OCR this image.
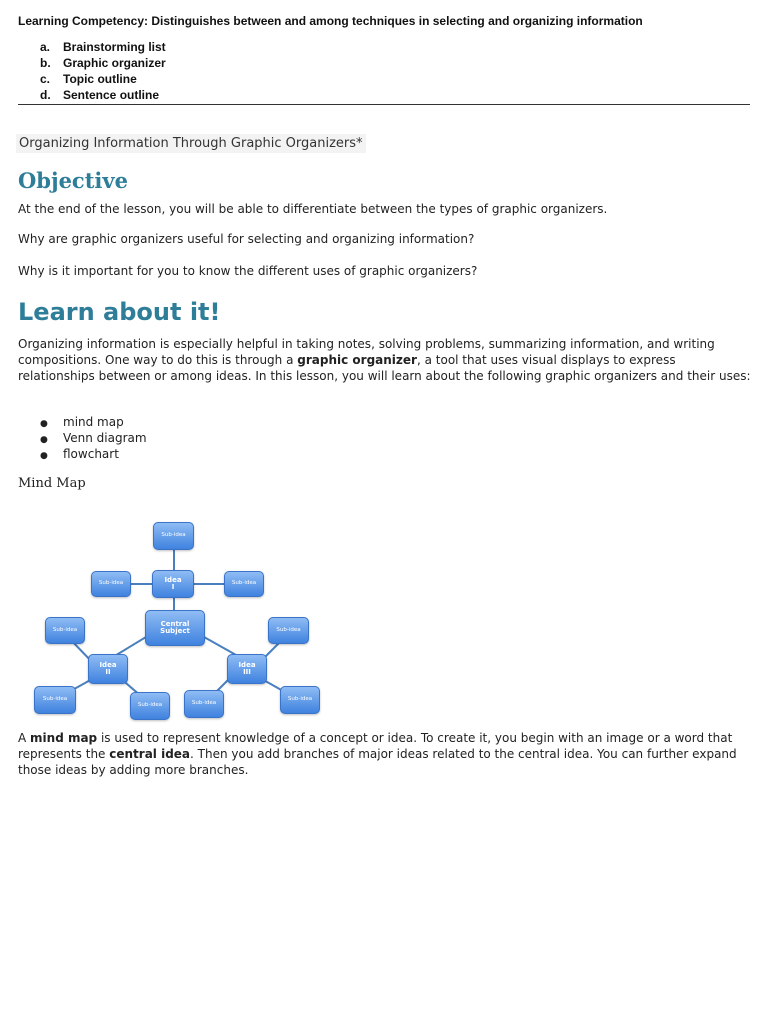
Learning Competency: Distinguishes between and among techniques in selecting and organizing information
a. Brainstorming list
b. Graphic organizer
c. Topic outline
d. Sentence outline
Organizing Information Through Graphic Organizers*
Objective
At the end of the lesson, you will be able to differentiate between the types of graphic organizers.
Why are graphic organizers useful for selecting and organizing information?
Why is it important for you to know the different uses of graphic organizers?
Learn about it!
Organizing information is especially helpful in taking notes, solving problems, summarizing information, and writing compositions. One way to do this is through a graphic organizer, a tool that uses visual displays to express relationships between or among ideas. In this lesson, you will learn about the following graphic organizers and their uses:
● mind map
● Venn diagram
● flowchart
Mind Map
Sub-idea
Sub-idea	Idea
I	Sub-idea
Central
Subject
Sub-idea	Sub-idea
Idea
II
Idea
III
Sub-idea
Sub-idea	Sub-idea
Sub-idea
A mind map is used to represent knowledge of a concept or idea. To create it, you begin with an image or a word that represents the central idea. Then you add branches of major ideas related to the central idea. You can further expand those ideas by adding more branches.
